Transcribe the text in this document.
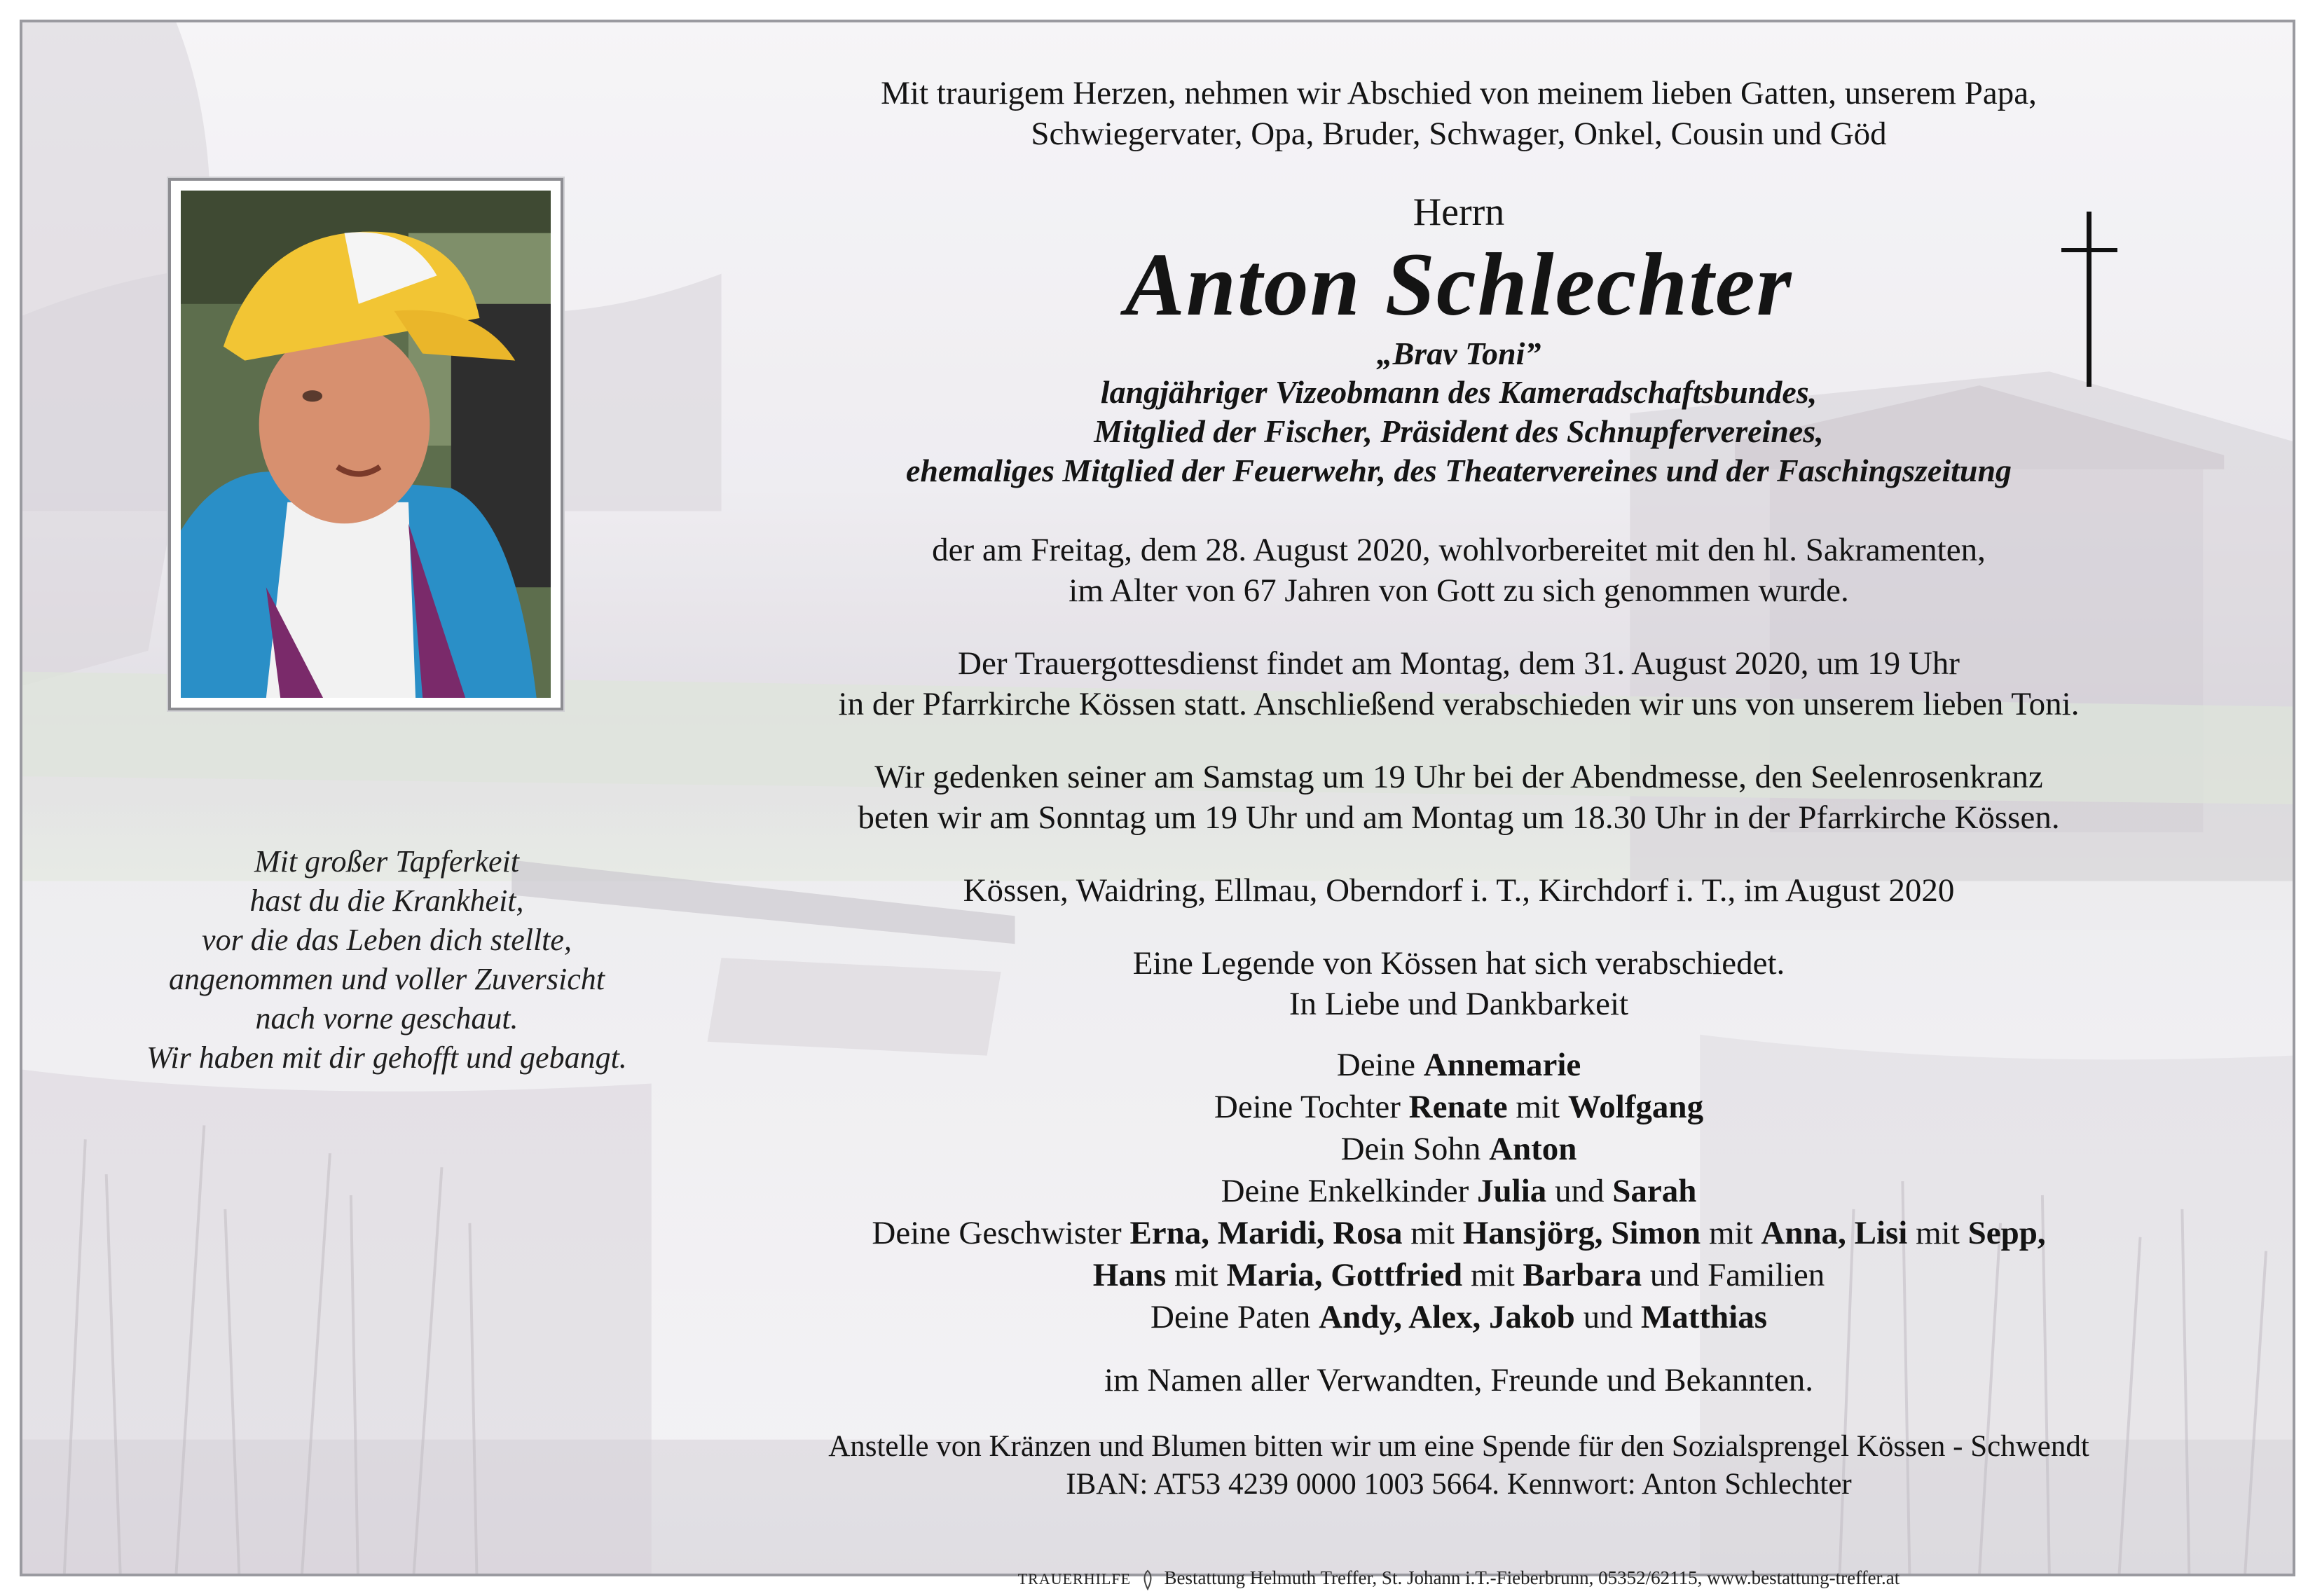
Mit großer Tapferkeit
hast du die Krankheit,
vor die das Leben dich stellte,
angenommen und voller Zuversicht
nach vorne geschaut.
Wir haben mit dir gehofft und gebangt.
Mit traurigem Herzen, nehmen wir Abschied von meinem lieben Gatten, unserem Papa,
Schwiegervater, Opa, Bruder, Schwager, Onkel, Cousin und Göd
Herrn
Anton Schlechter
„Brav Toni”
langjähriger Vizeobmann des Kameradschaftsbundes,
Mitglied der Fischer, Präsident des Schnupfervereines,
ehemaliges Mitglied der Feuerwehr, des Theatervereines und der Faschingszeitung
der am Freitag, dem 28. August 2020, wohlvorbereitet mit den hl. Sakramenten,
im Alter von 67 Jahren von Gott zu sich genommen wurde.
Der Trauergottesdienst findet am Montag, dem 31. August 2020, um 19 Uhr
in der Pfarrkirche Kössen statt. Anschließend verabschieden wir uns von unserem lieben Toni.
Wir gedenken seiner am Samstag um 19 Uhr bei der Abendmesse, den Seelenrosenkranz
beten wir am Sonntag um 19 Uhr und am Montag um 18.30 Uhr in der Pfarrkirche Kössen.
Kössen, Waidring, Ellmau, Oberndorf i. T., Kirchdorf i. T., im August 2020
Eine Legende von Kössen hat sich verabschiedet.
In Liebe und Dankbarkeit
Deine Annemarie
Deine Tochter Renate mit Wolfgang
Dein Sohn Anton
Deine Enkelkinder Julia und Sarah
Deine Geschwister Erna, Maridi, Rosa mit Hansjörg, Simon mit Anna, Lisi mit Sepp,
Hans mit Maria, Gottfried mit Barbara und Familien
Deine Paten Andy, Alex, Jakob und Matthias
im Namen aller Verwandten, Freunde und Bekannten.
Anstelle von Kränzen und Blumen bitten wir um eine Spende für den Sozialsprengel Kössen - Schwendt
IBAN: AT53 4239 0000 1003 5664. Kennwort: Anton Schlechter
TRAUERHILFE Bestattung Helmuth Treffer, St. Johann i.T.-Fieberbrunn, 05352/62115, www.bestattung-treffer.at
